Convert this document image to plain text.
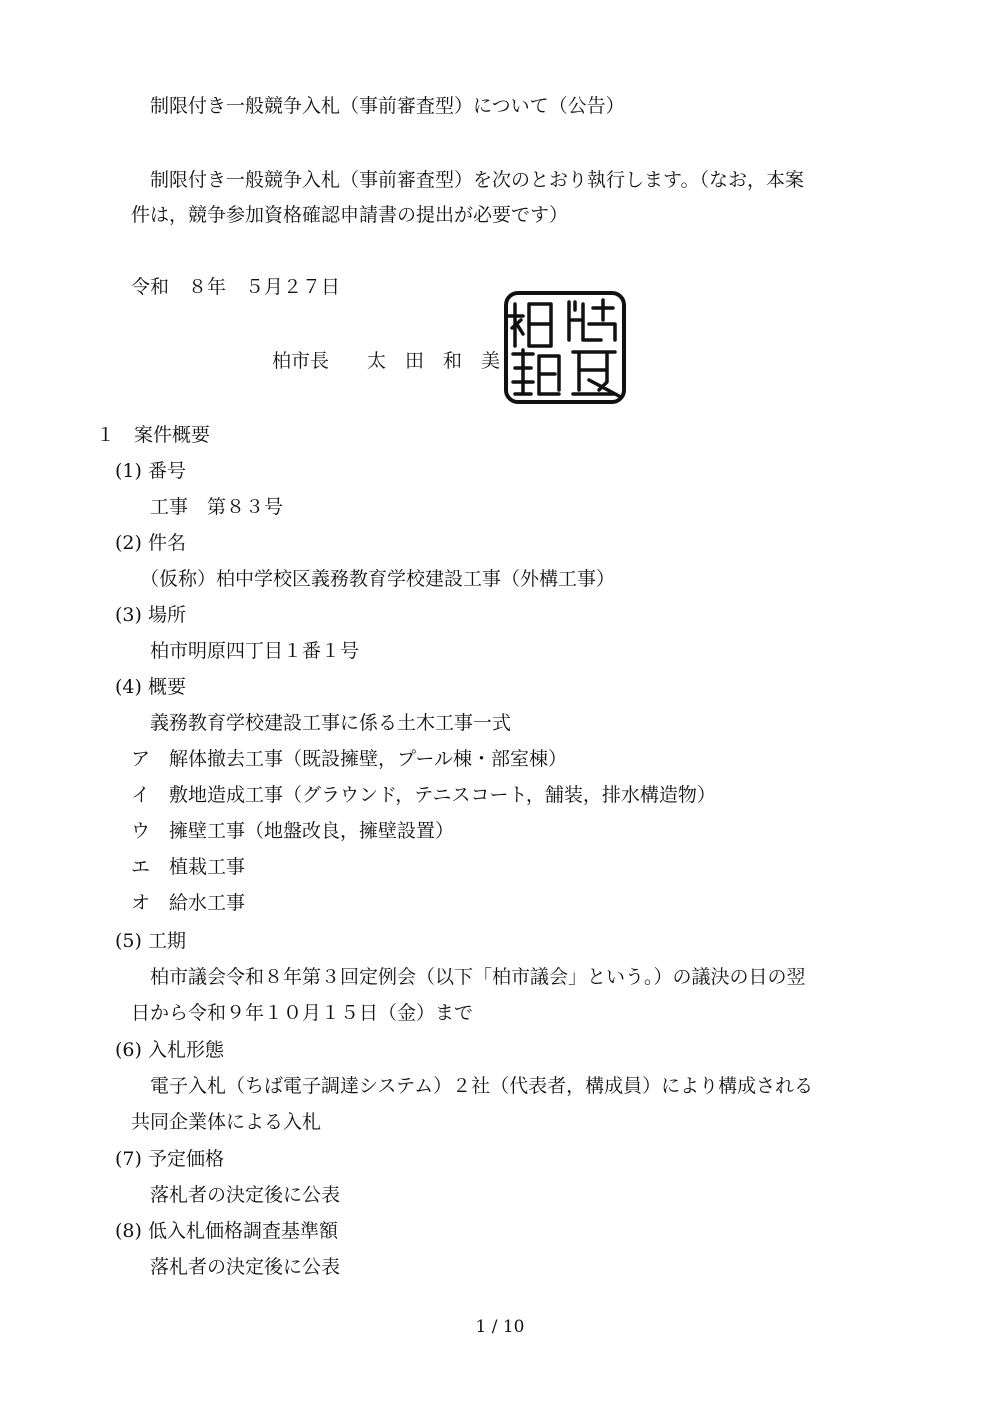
制限付き一般競争入札（事前審査型）について（公告）
制限付き一般競争入札（事前審査型）を次のとおり執行します。（なお，本案
件は，競争参加資格確認申請書の提出が必要です）
令和　８年　５月２７日
柏市長　　太　田　和　美
１　案件概要
(1) 番号
工事　第８３号
(2) 件名
（仮称）柏中学校区義務教育学校建設工事（外構工事）
(3) 場所
柏市明原四丁目１番１号
(4) 概要
義務教育学校建設工事に係る土木工事一式
ア　解体撤去工事（既設擁壁，プール棟・部室棟）
イ　敷地造成工事（グラウンド，テニスコート，舗装，排水構造物）
ウ　擁壁工事（地盤改良，擁壁設置）
エ　植栽工事
オ　給水工事
(5) 工期
柏市議会令和８年第３回定例会（以下「柏市議会」という。）の議決の日の翌
日から令和９年１０月１５日（金）まで
(6) 入札形態
電子入札（ちば電子調達システム）２社（代表者，構成員）により構成される
共同企業体による入札
(7) 予定価格
落札者の決定後に公表
(8) 低入札価格調査基準額
落札者の決定後に公表
1 / 10
